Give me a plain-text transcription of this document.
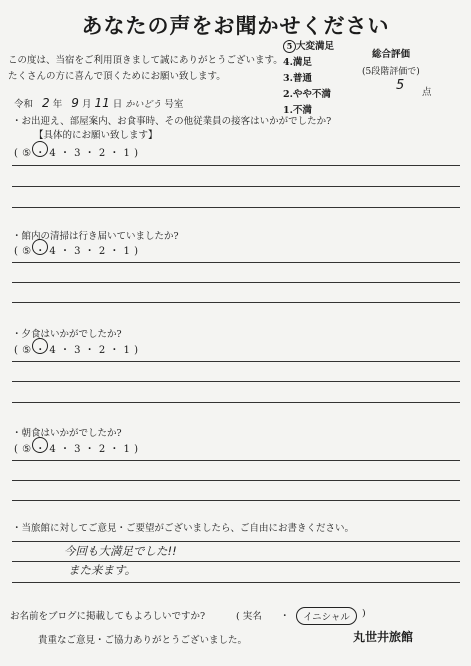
あなたの声をお聞かせください
この度は、当宿をご利用頂きまして誠にありがとうございます。
たくさんの方に喜んで頂くためにお願い致します。
5 大変満足
4.満足
3.普通
2.やや不満
1.不満
総合評価
(5段階評価で)
5 点
令和 2 年 9 月 11 日 かいどう 号室
・お出迎え、部屋案内、お食事時、その他従業員の接客はいかがでしたか?
【具体的にお願い致します】
( ⑤ ・ 4 ・ 3 ・ 2 ・ 1 )
・館内の清掃は行き届いていましたか?
( ⑤ ・ 4 ・ 3 ・ 2 ・ 1 )
・夕食はいかがでしたか?
( ⑤ ・ 4 ・ 3 ・ 2 ・ 1 )
・朝食はいかがでしたか?
( ⑤ ・ 4 ・ 3 ・ 2 ・ 1 )
・当旅館に対してご意見・ご要望がございましたら、ご自由にお書きください。
今回も大満足でした!!
また来ます。
お名前をブログに掲載してもよろしいですか?	( 実名 ・	イニシャル	)
貴重なご意見・ご協力ありがとうございました。	丸世井旅館
